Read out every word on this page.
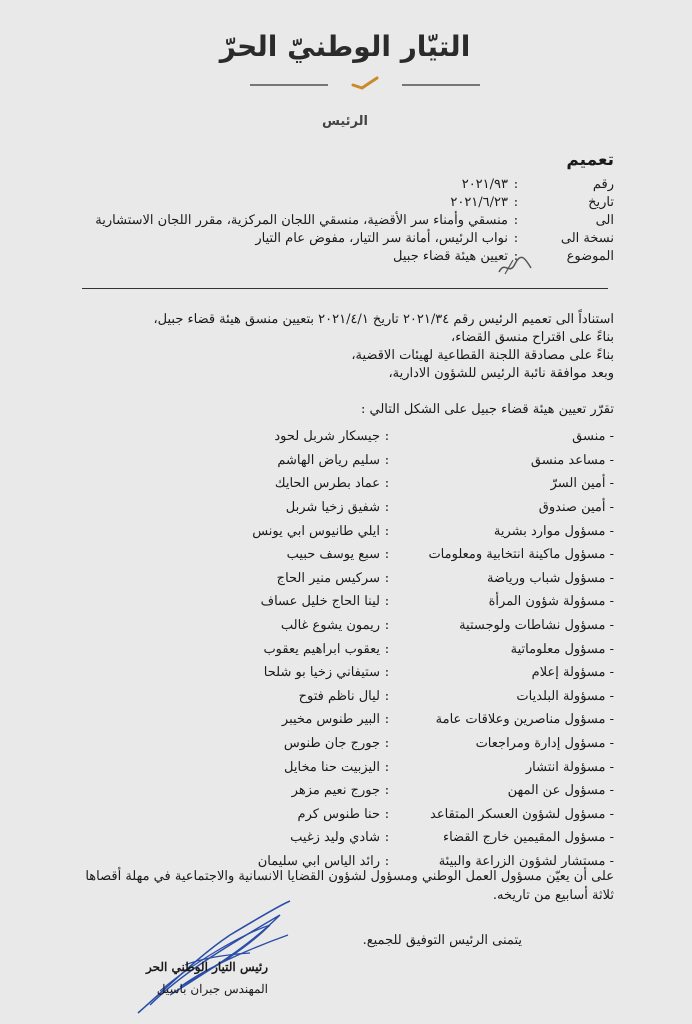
التيّار الوطنيّ الحرّ
الرئيس
تعميم
رقم
:
٢٠٢١/٩٣
تاريخ
:
٢٠٢١/٦/٢٣
الى
:
منسقي وأمناء سر الأقضية، منسقي اللجان المركزية، مقرر اللجان الاستشارية
نسخة الى
:
نواب الرئيس، أمانة سر التيار، مفوض عام التيار
الموضوع
:
تعيين هيئة قضاء جبيل
استناداً الى تعميم الرئيس رقم ٢٠٢١/٣٤ تاريخ ٢٠٢١/٤/١ بتعيين منسق هيئة قضاء جبيل،
بناءً على اقتراح منسق القضاء،
بناءً على مصادقة اللجنة القطاعية لهيئات الاقضية،
وبعد موافقة نائبة الرئيس للشؤون الادارية،
تقرّر تعيين هيئة قضاء جبيل على الشكل التالي :
- منسق
:
جيسكار شربل لحود
- مساعد منسق
:
سليم رياض الهاشم
- أمين السرّ
:
عماد بطرس الحايك
- أمين صندوق
:
شفيق زخيا شربل
- مسؤول موارد بشرية
:
ايلي طانيوس ابي يونس
- مسؤول ماكينة انتخابية ومعلومات
:
سبع يوسف حبيب
- مسؤول شباب ورياضة
:
سركيس منير الحاج
- مسؤولة شؤون المرأة
:
لينا الحاج خليل عساف
- مسؤول نشاطات ولوجستية
:
ريمون يشوع غالب
- مسؤول معلوماتية
:
يعقوب ابراهيم يعقوب
- مسؤولة إعلام
:
ستيفاني زخيا بو شلحا
- مسؤولة البلديات
:
ليال ناظم فتوح
- مسؤول مناصرين وعلاقات عامة
:
البير طنوس مخيبر
- مسؤول إدارة ومراجعات
:
جورج جان طنوس
- مسؤولة انتشار
:
اليزبيت حنا مخايل
- مسؤول عن المهن
:
جورج نعيم مزهر
- مسؤول لشؤون العسكر المتقاعد
:
حنا طنوس كرم
- مسؤول المقيمين خارج القضاء
:
شادي وليد زغيب
- مستشار لشؤون الزراعة والبيئة
:
رائد الياس ابي سليمان
على أن يعيّن مسؤول العمل الوطني ومسؤول لشؤون القضايا الانسانية والاجتماعية في مهلة أقصاها
ثلاثة أسابيع من تاريخه.
يتمنى الرئيس التوفيق للجميع.
رئيس التيار الوطني الحر
المهندس جبران باسيل
